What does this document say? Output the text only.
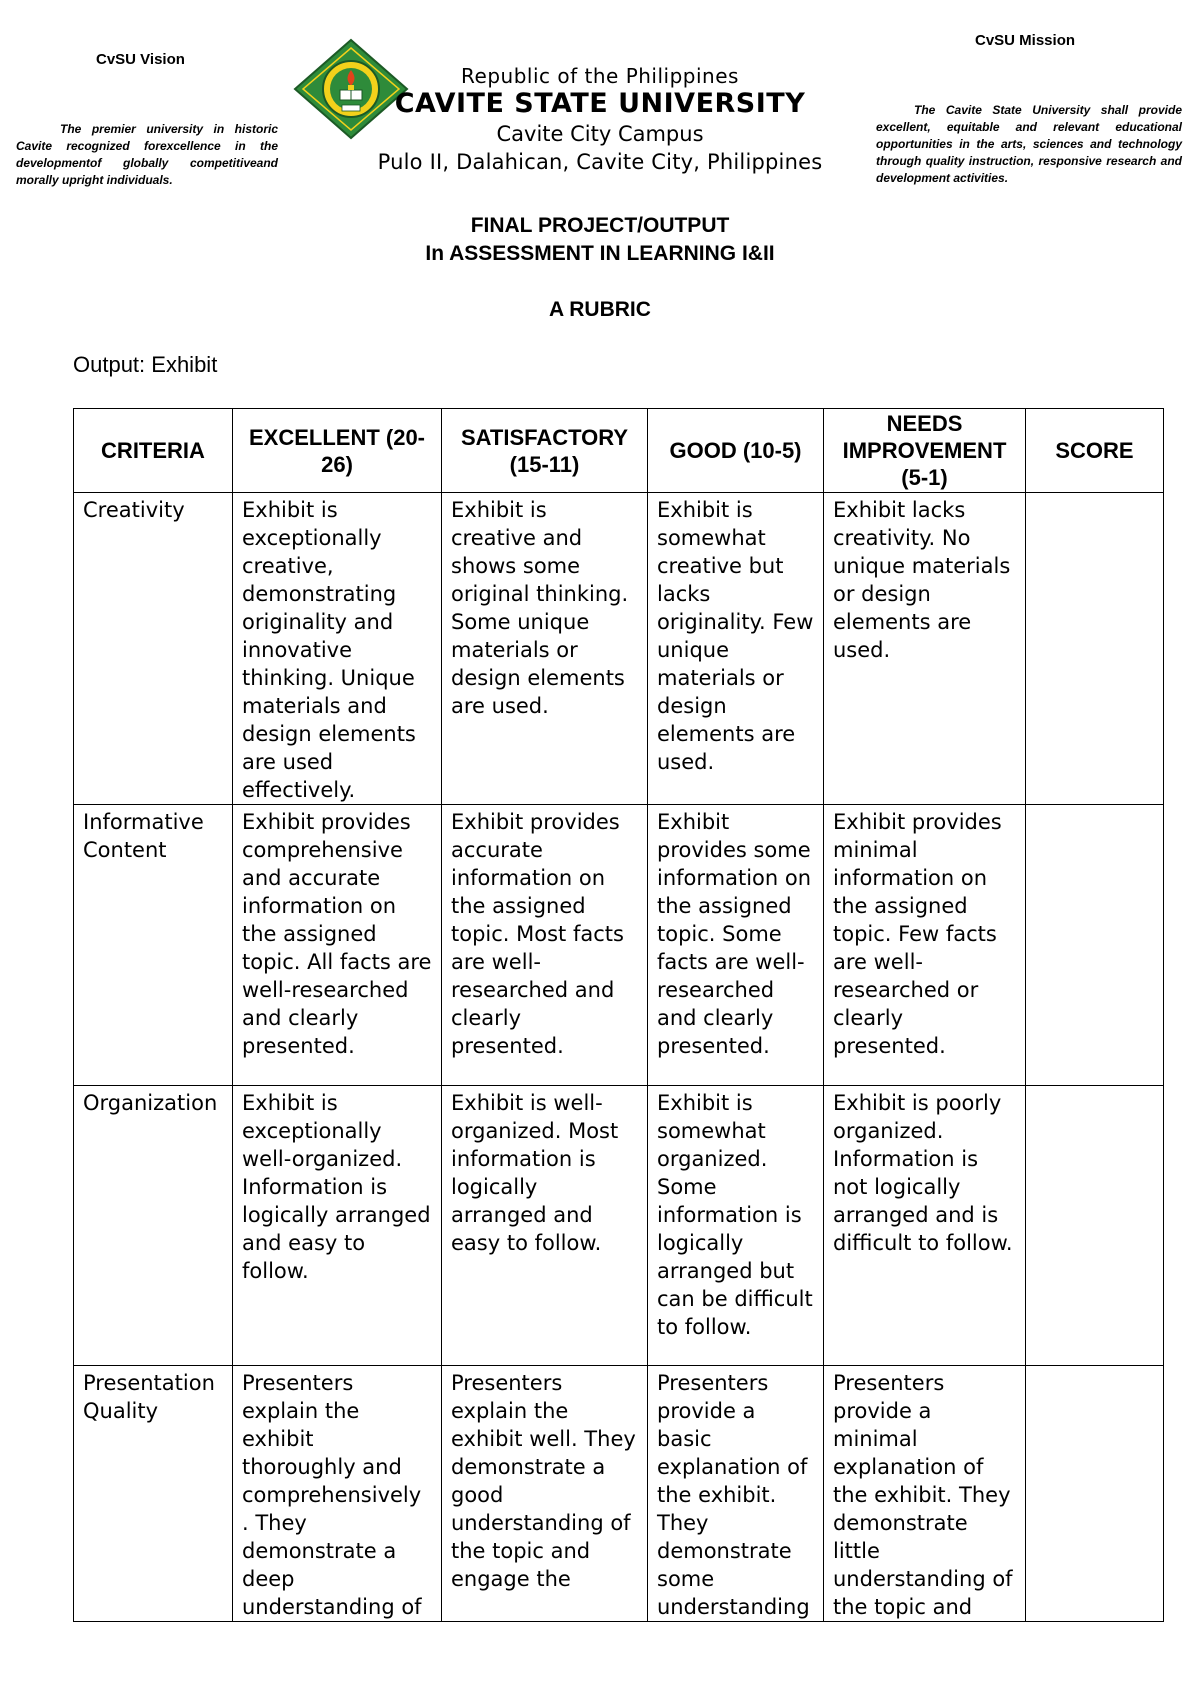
CvSU Vision
The premier university in historic Cavite recognized forexcellence in the developmentof globally competitiveand morally upright individuals.
CvSU Mission
The Cavite State University shall provide excellent, equitable and relevant educational opportunities in the arts, sciences and technology through quality instruction, responsive research and development activities.
Republic of the Philippines
CAVITE STATE UNIVERSITY
Cavite City Campus
Pulo II, Dalahican, Cavite City, Philippines
FINAL PROJECT/OUTPUT
In ASSESSMENT IN LEARNING I&II
A RUBRIC
Output: Exhibit
CRITERIA	EXCELLENT (20-26)	SATISFACTORY (15-11)	GOOD (10-5)	NEEDS IMPROVEMENT (5-1)	SCORE
Creativity	Exhibit is exceptionally creative, demonstrating originality and innovative thinking. Unique materials and design elements are used effectively.	Exhibit is creative and shows some original thinking. Some unique materials or design elements are used.	Exhibit is somewhat creative but lacks originality. Few unique materials or design elements are used.	Exhibit lacks creativity. No unique materials or design elements are used.	
Informative Content	Exhibit provides comprehensive and accurate information on the assigned topic. All facts are well-researched and clearly presented.	Exhibit provides accurate information on the assigned topic. Most facts are well-researched and clearly presented.	Exhibit provides some information on the assigned topic. Some facts are well-researched and clearly presented.	Exhibit provides minimal information on the assigned topic. Few facts are well-researched or clearly presented.	
Organization	Exhibit is exceptionally well-organized. Information is logically arranged and easy to follow.	Exhibit is well-organized. Most information is logically arranged and easy to follow.	Exhibit is somewhat organized. Some information is logically arranged but can be difficult to follow.	Exhibit is poorly organized. Information is not logically arranged and is difficult to follow.	
Presentation Quality	Presenters explain the exhibit thoroughly and comprehensively . They demonstrate a deep understanding of	Presenters explain the exhibit well. They demonstrate a good understanding of the topic and engage the	Presenters provide a basic explanation of the exhibit. They demonstrate some understanding	Presenters provide a minimal explanation of the exhibit. They demonstrate little understanding of the topic and	
